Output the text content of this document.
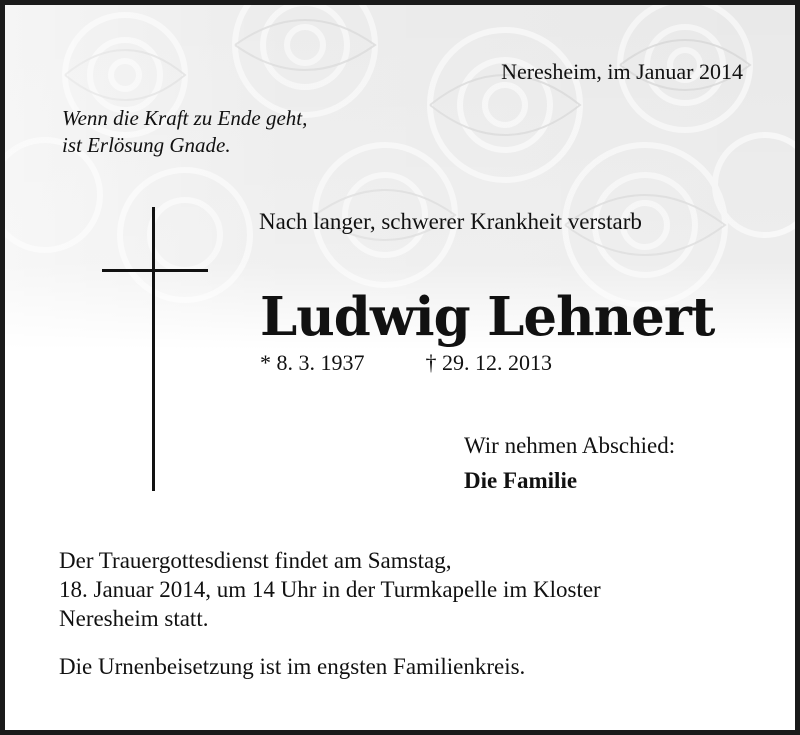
Neresheim, im Januar 2014
Wenn die Kraft zu Ende geht,
ist Erlösung Gnade.
Nach langer, schwerer Krankheit verstarb
Ludwig Lehnert
* 8. 3. 1937	† 29. 12. 2013
Wir nehmen Abschied:
Die Familie
Der Trauergottesdienst findet am Samstag,
18. Januar 2014, um 14 Uhr in der Turmkapelle im Kloster
Neresheim statt.
Die Urnenbeisetzung ist im engsten Familienkreis.
